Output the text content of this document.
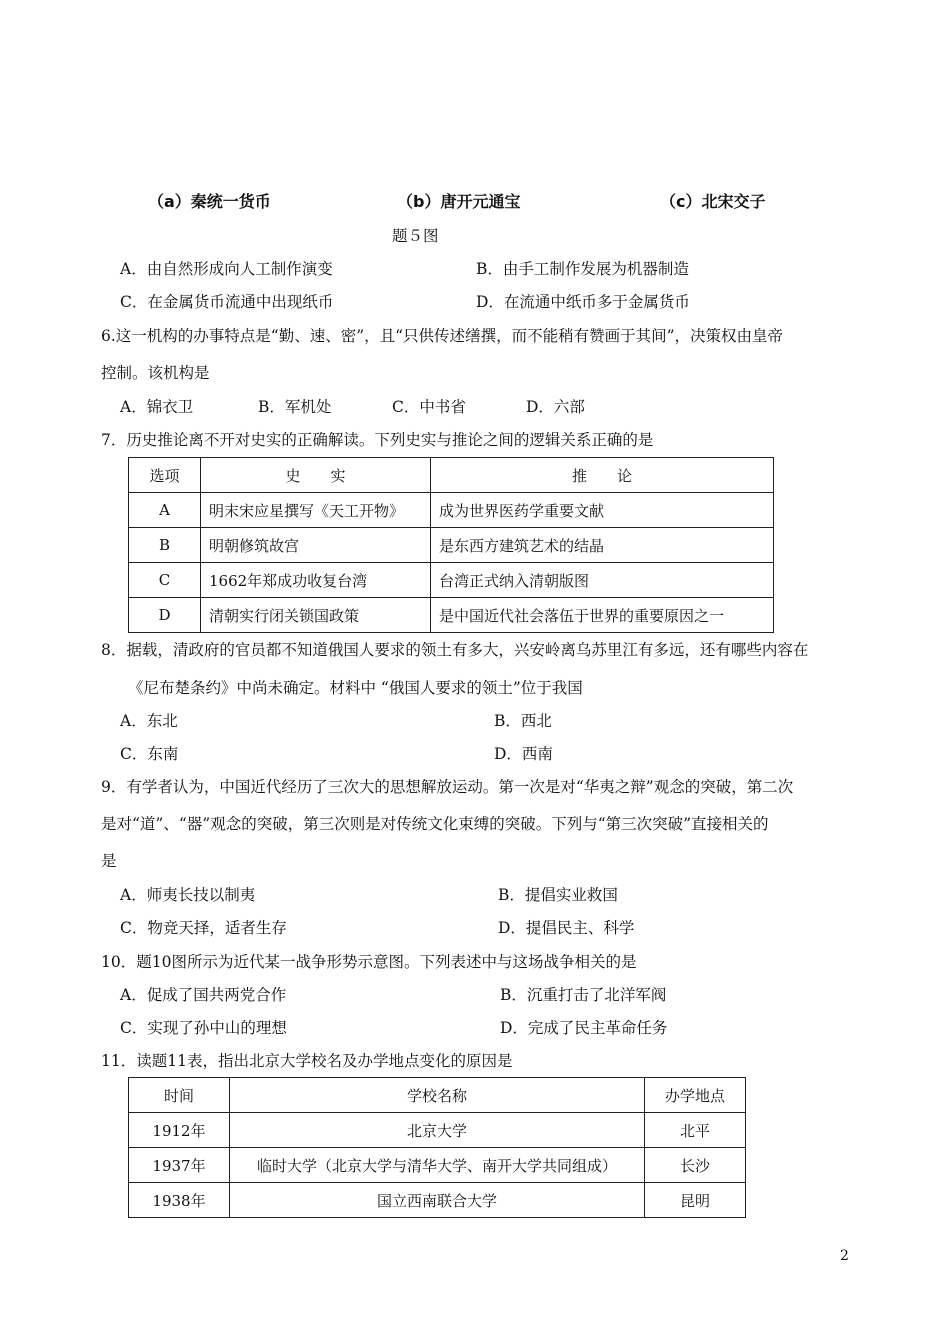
（a）秦统一货币	（b）唐开元通宝	（c）北宋交子
题５图
A．由自然形成向人工制作演变	B．由手工制作发展为机器制造
C．在金属货币流通中出现纸币	D．在流通中纸币多于金属货币
6.这一机构的办事特点是“勤、速、密”，且“只供传述缮撰，而不能稍有赞画于其间”，决策权由皇帝
控制。该机构是
A．锦衣卫	B．军机处	C．中书省	D．六部
7．历史推论离不开对史实的正确解读。下列史实与推论之间的逻辑关系正确的是
选项	史　　实	推　　论
A	明末宋应星撰写《天工开物》	成为世界医药学重要文献
B	明朝修筑故宫	是东西方建筑艺术的结晶
C	1662年郑成功收复台湾	台湾正式纳入清朝版图
D	清朝实行闭关锁国政策	是中国近代社会落伍于世界的重要原因之一
8．据载，清政府的官员都不知道俄国人要求的领土有多大，兴安岭离乌苏里江有多远，还有哪些内容在
《尼布楚条约》中尚未确定。材料中 “俄国人要求的领土”位于我国
A．东北	B．西北
C．东南	D．西南
9．有学者认为，中国近代经历了三次大的思想解放运动。第一次是对“华夷之辩”观念的突破，第二次
是对“道”、“器”观念的突破，第三次则是对传统文化束缚的突破。下列与“第三次突破”直接相关的
是
A．师夷长技以制夷	B．提倡实业救国
C．物竞天择，适者生存	D．提倡民主、科学
10．题10图所示为近代某一战争形势示意图。下列表述中与这场战争相关的是
A．促成了国共两党合作	B．沉重打击了北洋军阀
C．实现了孙中山的理想	D．完成了民主革命任务
11．读题11表，指出北京大学校名及办学地点变化的原因是
时间	学校名称	办学地点
1912年	北京大学	北平
1937年	临时大学（北京大学与清华大学、南开大学共同组成）	长沙
1938年	国立西南联合大学	昆明
2
